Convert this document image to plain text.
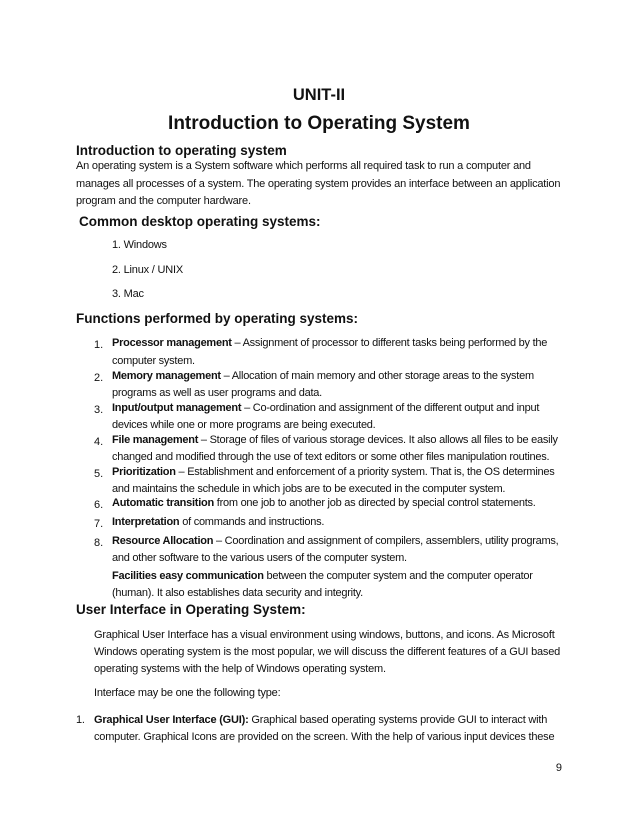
UNIT-II
Introduction to Operating System
Introduction to operating system
An operating system is a System software which performs all required task to run a computer and
manages all processes of a system. The operating system provides an interface between an application
program and the computer hardware.
Common desktop operating systems:
1. Windows
2. Linux / UNIX
3. Mac
Functions performed by operating systems:
1. Processor management – Assignment of processor to different tasks being performed by the
computer system.
2. Memory management – Allocation of main memory and other storage areas to the system
programs as well as user programs and data.
3. Input/output management – Co-ordination and assignment of the different output and input
devices while one or more programs are being executed.
4. File management – Storage of files of various storage devices. It also allows all files to be easily
changed and modified through the use of text editors or some other files manipulation routines.
5. Prioritization – Establishment and enforcement of a priority system. That is, the OS determines
and maintains the schedule in which jobs are to be executed in the computer system.
6. Automatic transition from one job to another job as directed by special control statements.
7. Interpretation of commands and instructions.
8. Resource Allocation – Coordination and assignment of compilers, assemblers, utility programs,
and other software to the various users of the computer system.
Facilities easy communication between the computer system and the computer operator
(human). It also establishes data security and integrity.
User Interface in Operating System:
Graphical User Interface has a visual environment using windows, buttons, and icons. As Microsoft
Windows operating system is the most popular, we will discuss the different features of a GUI based
operating systems with the help of Windows operating system.
Interface may be one the following type:
1. Graphical User Interface (GUI): Graphical based operating systems provide GUI to interact with
computer. Graphical Icons are provided on the screen. With the help of various input devices these
9
